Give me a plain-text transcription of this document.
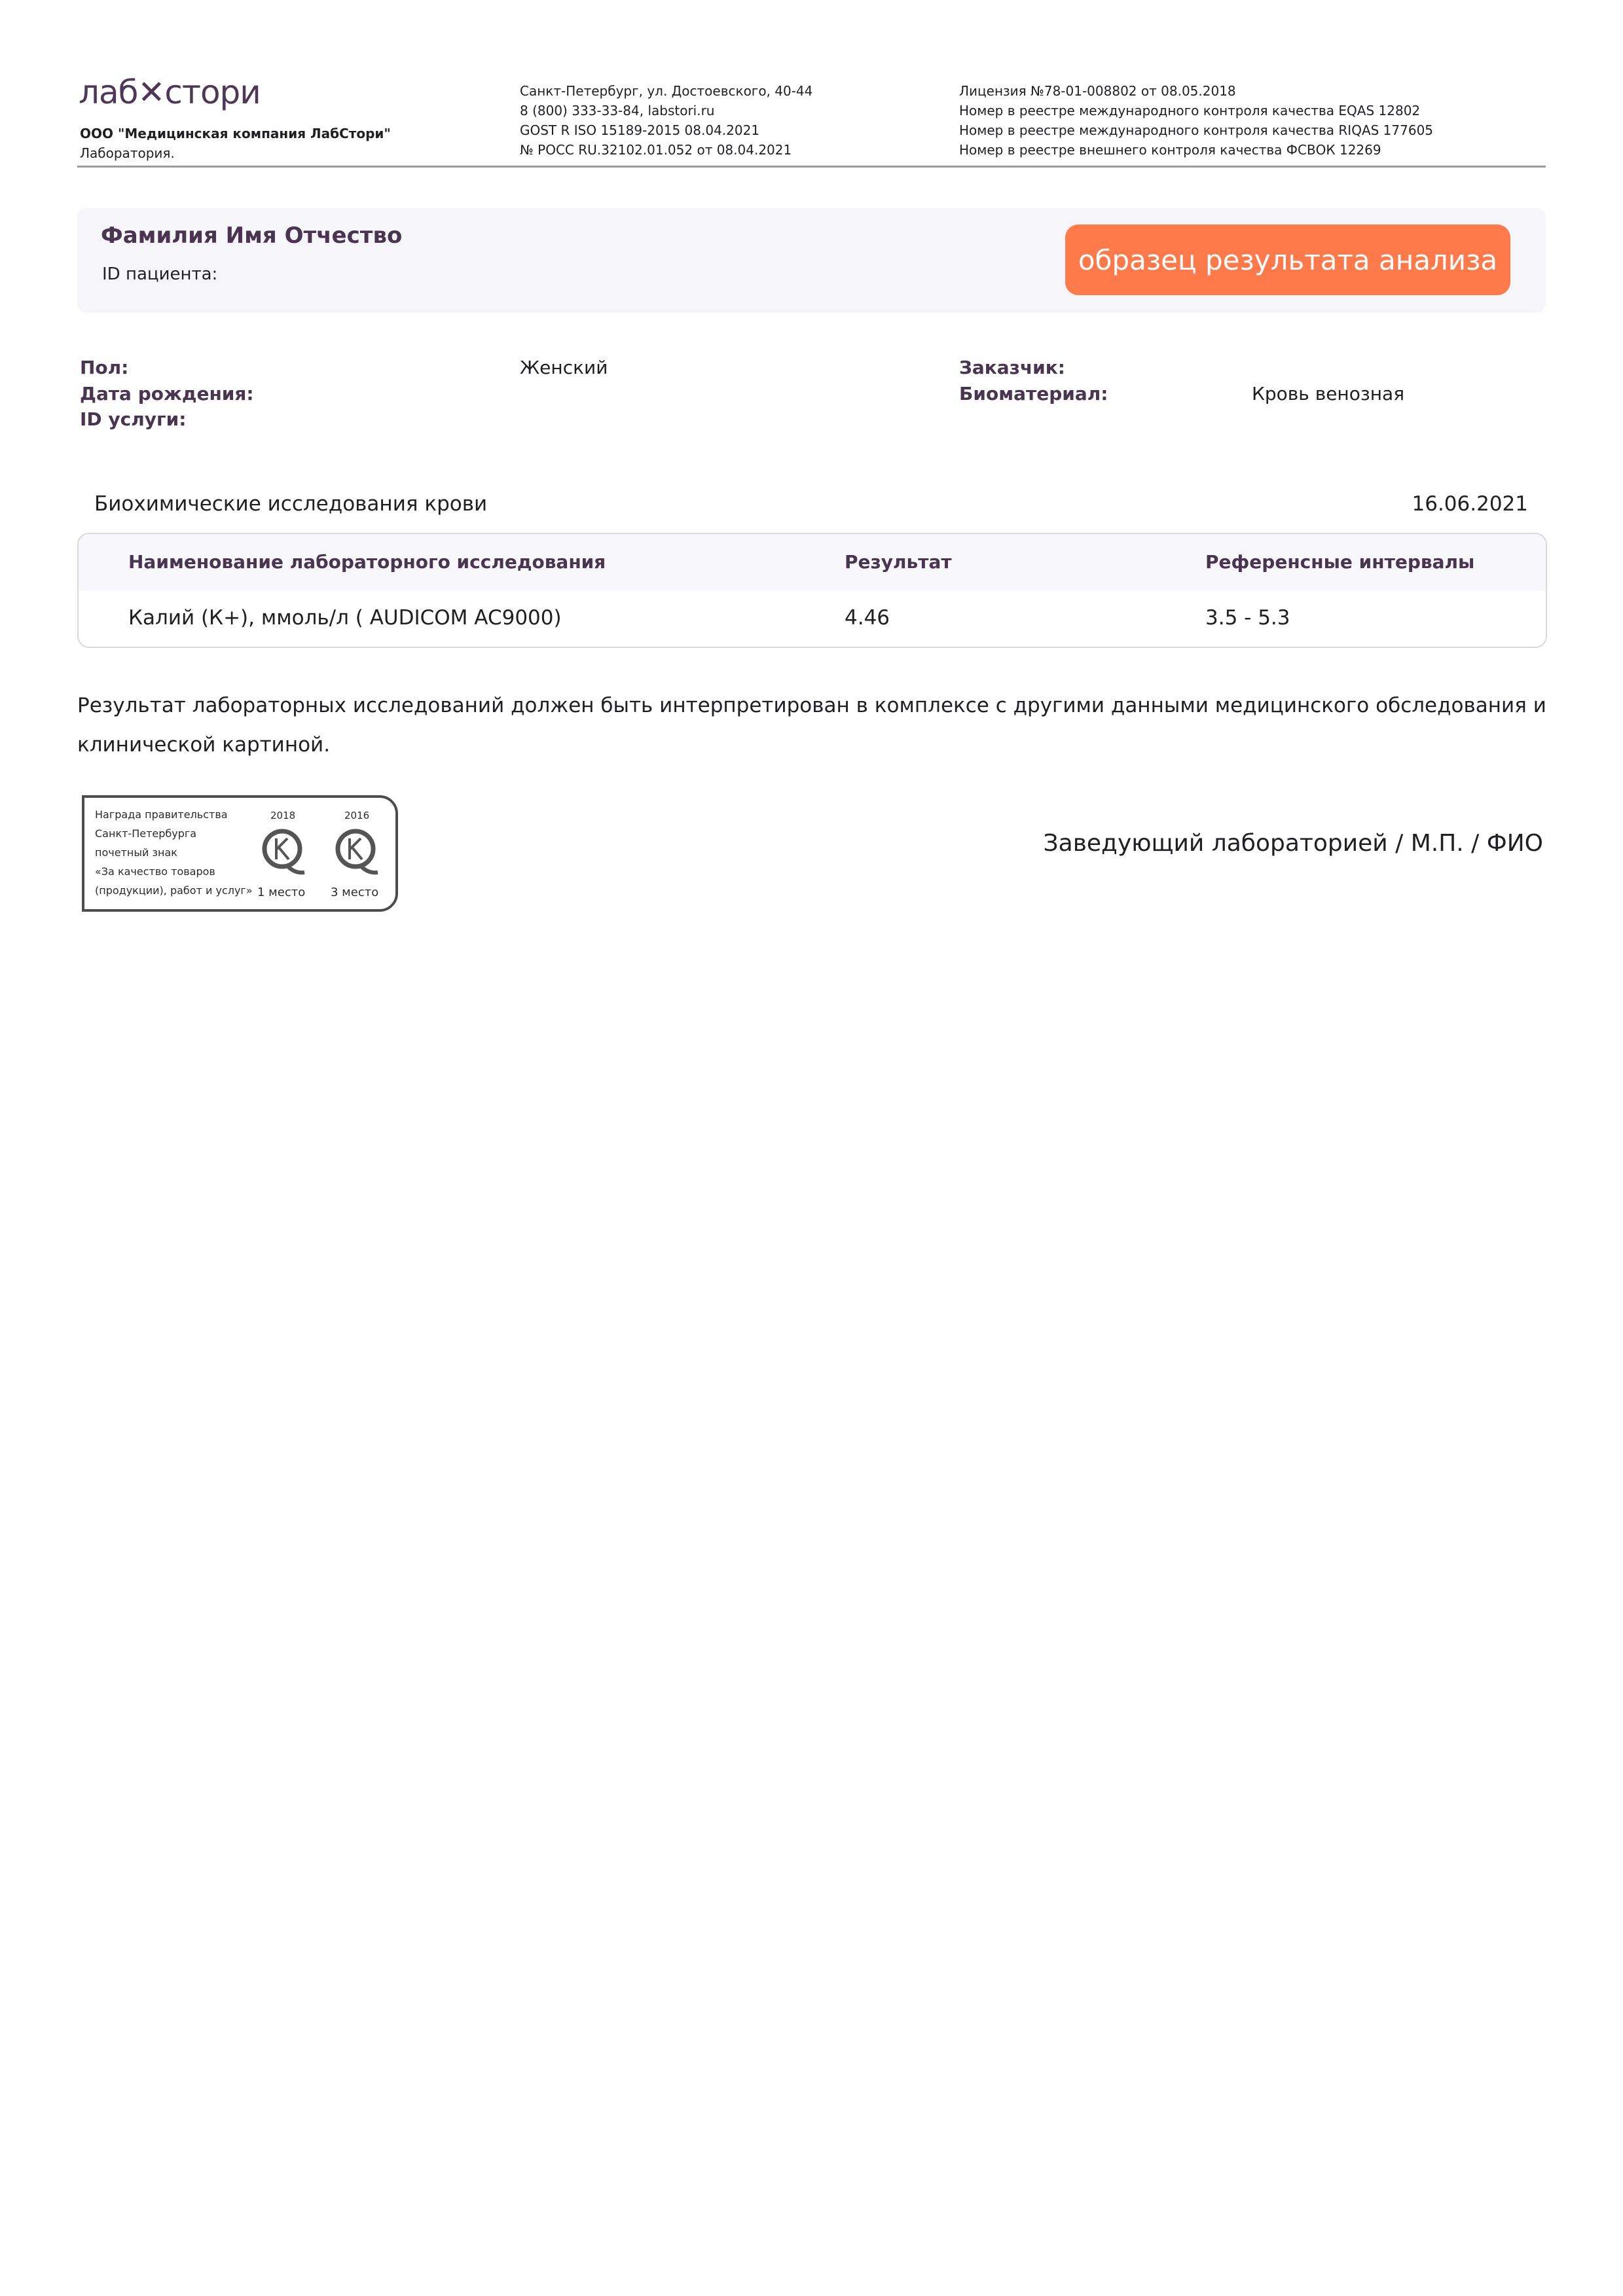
лаб✕стори
ООО "Медицинская компания ЛабСтори"
Лаборатория.
Санкт-Петербург, ул. Достоевского, 40-44
8 (800) 333-33-84, labstori.ru
GOST R ISO 15189-2015 08.04.2021
№ РОСС RU.32102.01.052 от 08.04.2021
Лицензия №78-01-008802 от 08.05.2018
Номер в реестре международного контроля качества EQAS 12802
Номер в реестре международного контроля качества RIQAS 177605
Номер в реестре внешнего контроля качества ФСВОК 12269
Фамилия Имя Отчество
ID пациента:	образец результата анализа
Пол:	Женский
Дата рождения:
ID услуги:
Заказчик:
Биоматериал:	Кровь венозная
Биохимические исследования крови	16.06.2021
Наименование лабораторного исследования	Результат	Референсные интервалы
Калий (К+), ммоль/л ( AUDICOM AC9000)	4.46	3.5 - 5.3
Результат лабораторных исследований должен быть интерпретирован в комплексе с другими данными медицинского обследования и клинической картиной.
Награда правительства
Санкт-Петербурга
почетный знак
«За качество товаров
(продукции), работ и услуг»
2018	2016
1 место 3 место
Заведующий лабораторией / М.П. / ФИО
